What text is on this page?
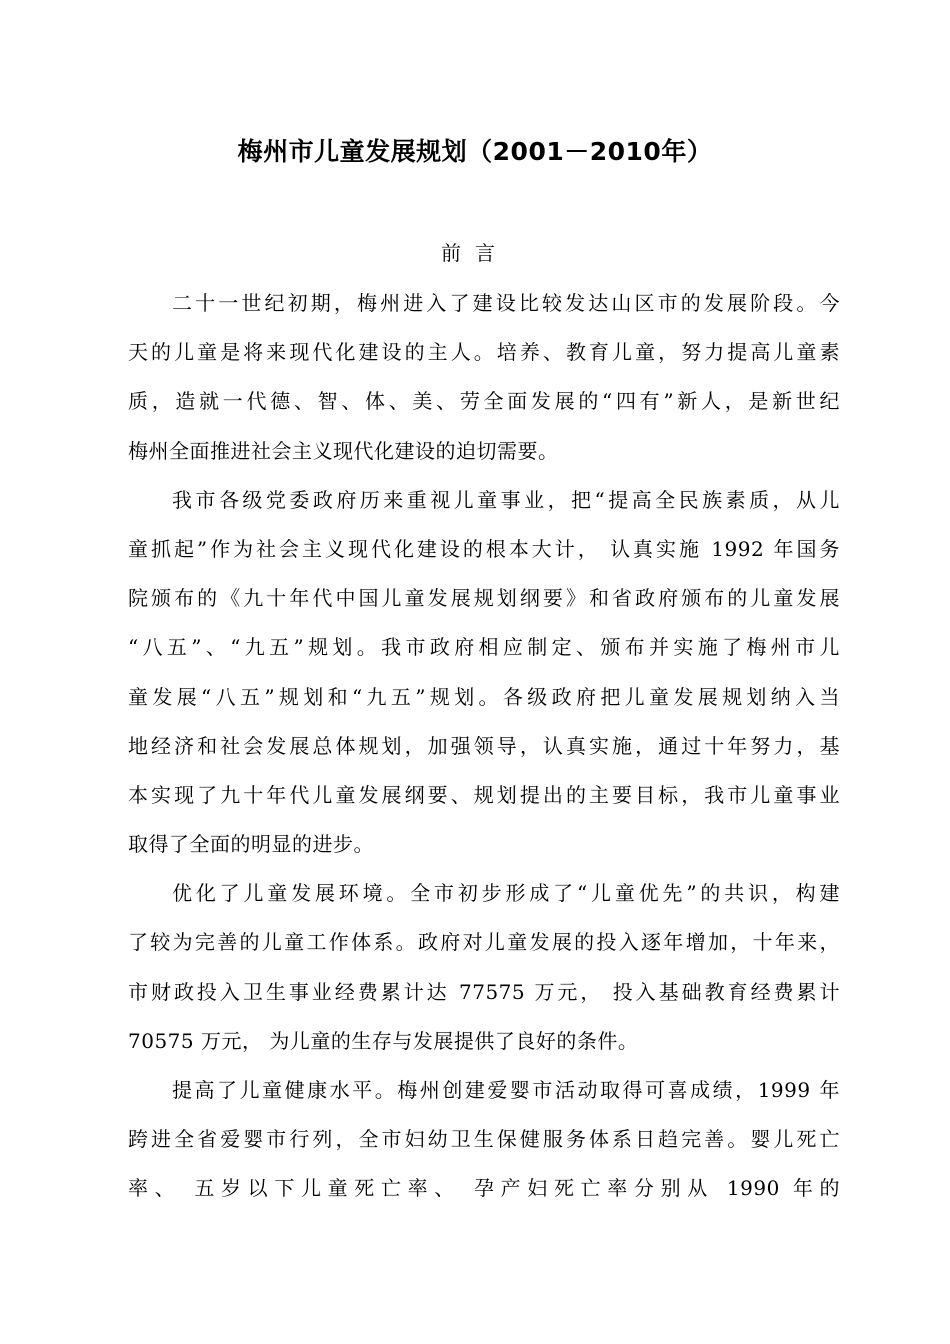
梅州市儿童发展规划（2001－2010年）
前言
二十一世纪初期，梅州进入了建设比较发达山区市的发展阶段。今
天的儿童是将来现代化建设的主人。培养、教育儿童，努力提高儿童素
质，造就一代德、智、体、美、劳全面发展的“四有”新人，是新世纪
梅州全面推进社会主义现代化建设的迫切需要。
我市各级党委政府历来重视儿童事业，把“提高全民族素质，从儿
童抓起”作为社会主义现代化建设的根本大计， 认真实施 1992 年国务
院颁布的《九十年代中国儿童发展规划纲要》和省政府颁布的儿童发展
“八五”、“九五”规划。我市政府相应制定、颁布并实施了梅州市儿
童发展“八五”规划和“九五”规划。各级政府把儿童发展规划纳入当
地经济和社会发展总体规划，加强领导，认真实施，通过十年努力，基
本实现了九十年代儿童发展纲要、规划提出的主要目标，我市儿童事业
取得了全面的明显的进步。
优化了儿童发展环境。全市初步形成了“儿童优先”的共识，构建
了较为完善的儿童工作体系。政府对儿童发展的投入逐年增加，十年来，
市财政投入卫生事业经费累计达 77575 万元， 投入基础教育经费累计
70575 万元， 为儿童的生存与发展提供了良好的条件。
提高了儿童健康水平。梅州创建爱婴市活动取得可喜成绩，1999 年
跨进全省爱婴市行列，全市妇幼卫生保健服务体系日趋完善。婴儿死亡
率、 五岁以下儿童死亡率、 孕产妇死亡率分别从 1990 年的
